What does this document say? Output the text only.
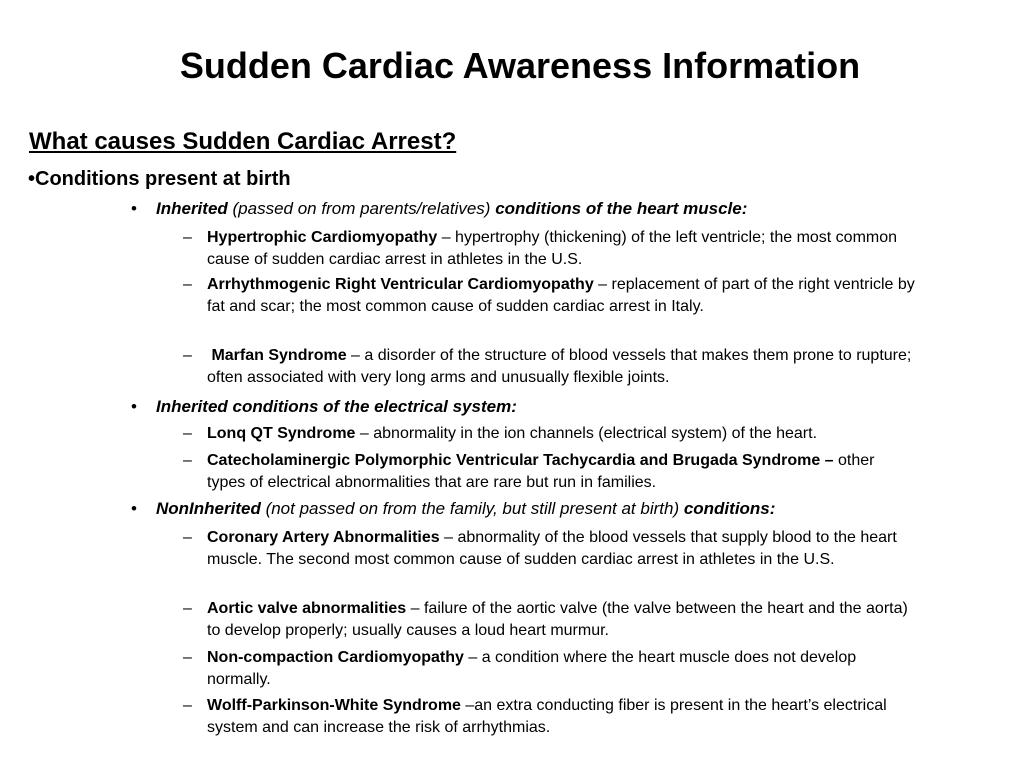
Sudden Cardiac Awareness Information
What causes Sudden Cardiac Arrest?
•Conditions present at birth
• Inherited (passed on from parents/relatives) conditions of the heart muscle:
– Hypertrophic Cardiomyopathy – hypertrophy (thickening) of the left ventricle; the most common cause of sudden cardiac arrest in athletes in the U.S.
– Arrhythmogenic Right Ventricular Cardiomyopathy – replacement of part of the right ventricle by fat and scar; the most common cause of sudden cardiac arrest in Italy.
– Marfan Syndrome – a disorder of the structure of blood vessels that makes them prone to rupture; often associated with very long arms and unusually flexible joints.
• Inherited conditions of the electrical system:
– Lonq QT Syndrome – abnormality in the ion channels (electrical system) of the heart.
– Catecholaminergic Polymorphic Ventricular Tachycardia and Brugada Syndrome – other types of electrical abnormalities that are rare but run in families.
• NonInherited (not passed on from the family, but still present at birth) conditions:
– Coronary Artery Abnormalities – abnormality of the blood vessels that supply blood to the heart muscle. The second most common cause of sudden cardiac arrest in athletes in the U.S.
– Aortic valve abnormalities – failure of the aortic valve (the valve between the heart and the aorta) to develop properly; usually causes a loud heart murmur.
– Non-compaction Cardiomyopathy – a condition where the heart muscle does not develop normally.
– Wolff-Parkinson-White Syndrome –an extra conducting fiber is present in the heart’s electrical system and can increase the risk of arrhythmias.
